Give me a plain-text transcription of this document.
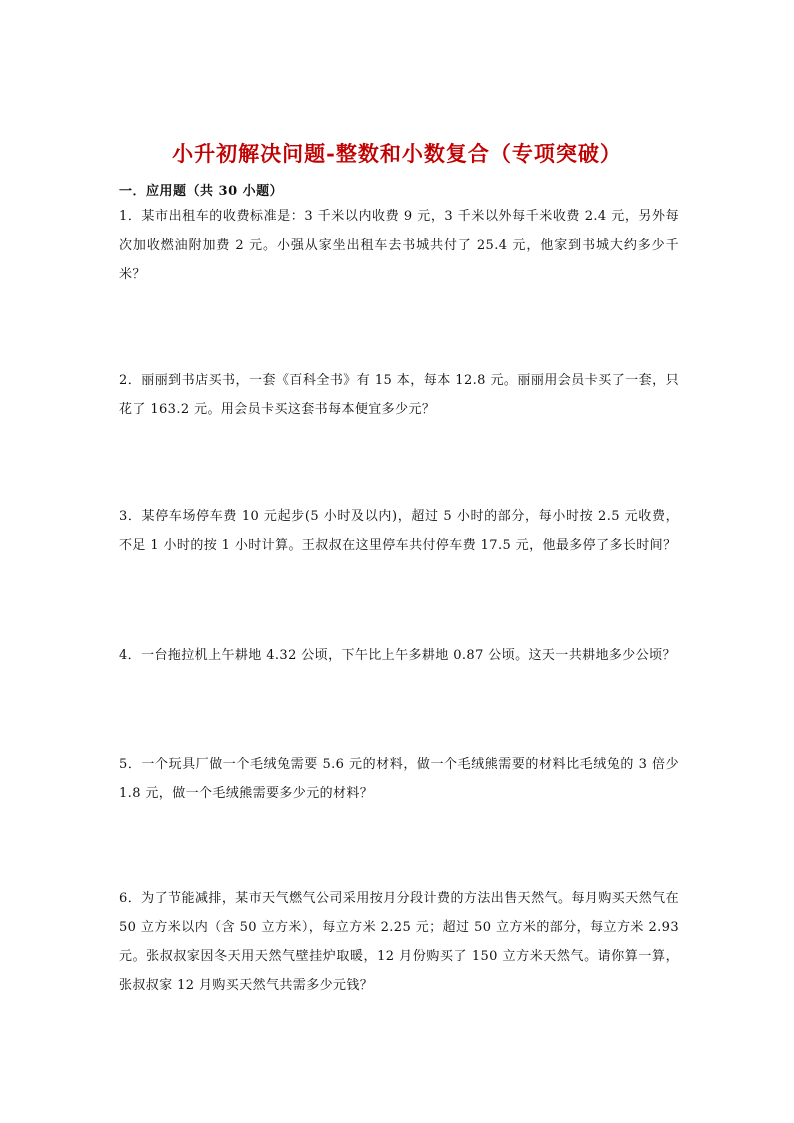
小升初解决问题-整数和小数复合（专项突破）
一．应用题（共 30 小题）
1．某市出租车的收费标准是：3 千米以内收费 9 元，3 千米以外每千米收费 2.4 元，另外每次加收燃油附加费 2 元。小强从家坐出租车去书城共付了 25.4 元，他家到书城大约多少千米？
2．丽丽到书店买书，一套《百科全书》有 15 本，每本 12.8 元。丽丽用会员卡买了一套，只花了 163.2 元。用会员卡买这套书每本便宜多少元？
3．某停车场停车费 10 元起步(5 小时及以内)，超过 5 小时的部分，每小时按 2.5 元收费，不足 1 小时的按 1 小时计算。王叔叔在这里停车共付停车费 17.5 元，他最多停了多长时间？
4．一台拖拉机上午耕地 4.32 公顷，下午比上午多耕地 0.87 公顷。这天一共耕地多少公顷？
5．一个玩具厂做一个毛绒兔需要 5.6 元的材料，做一个毛绒熊需要的材料比毛绒兔的 3 倍少 1.8 元，做一个毛绒熊需要多少元的材料？
6．为了节能减排，某市天气燃气公司采用按月分段计费的方法出售天然气。每月购买天然气在 50 立方米以内（含 50 立方米），每立方米 2.25 元；超过 50 立方米的部分，每立方米 2.93 元。张叔叔家因冬天用天然气壁挂炉取暖，12 月份购买了 150 立方米天然气。请你算一算，张叔叔家 12 月购买天然气共需多少元钱？
